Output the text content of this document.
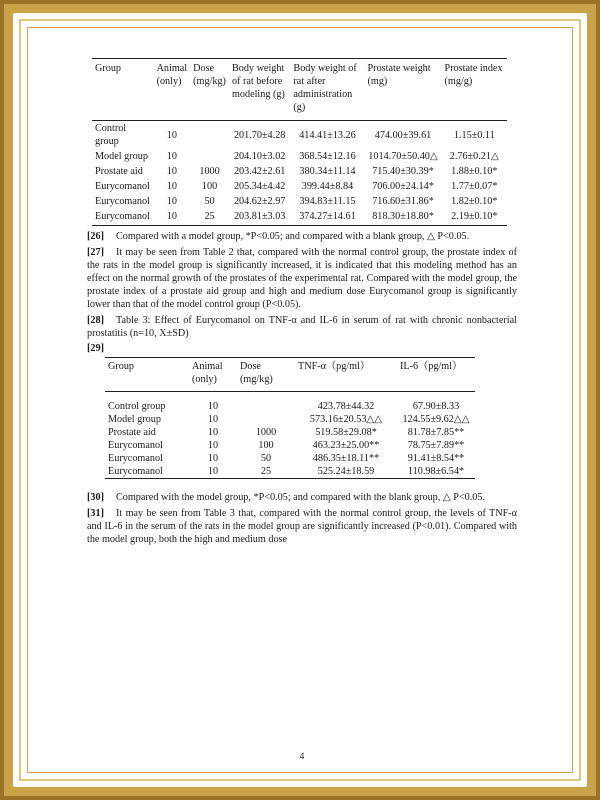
Group	Animal (only)	Dose (mg/kg)	Body weight of rat before modeling (g)	Body weight of rat after administration (g)	Prostate weight (mg)	Prostate index (mg/g)
Control group	10		201.70±4.28	414.41±13.26	474.00±39.61	1.15±0.11
Model group	10		204.10±3.02	368.54±12.16	1014.70±50.40△	2.76±0.21△
Prostate aid	10	1000	203.42±2.61	380.34±11.14	715.40±30.39*	1.88±0.10*
Eurycomanol	10	100	205.34±4.42	399.44±8.84	706.00±24.14*	1.77±0.07*
Eurycomanol	10	50	204.62±2.97	394.83±11.15	716.60±31.86*	1.82±0.10*
Eurycomanol	10	25	203.81±3.03	374.27±14.61	818.30±18.80*	2.19±0.10*

[26] Compared with a model group, *P<0.05; and compared with a blank group, △ P<0.05.

[27] It may be seen from Table 2 that, compared with the normal control group, the prostate index of the rats in the model group is significantly increased, it is indicated that this modeling method has an effect on the normal growth of the prostates of the experimental rat. Compared with the model group, the prostate index of a prostate aid group and high and medium dose Eurycomanol group is significantly lower than that of the model control group (P<0.05).

[28] Table 3: Effect of Eurycomanol on TNF-α and IL-6 in serum of rat with chronic nonbacterial prostatitis (n=10, X±SD)

[29]

Group	Animal (only)	Dose (mg/kg)	TNF-α（pg/ml）	IL-6（pg/ml）
Control group	10		423.78±44.32	67.90±8.33
Model group	10		573.16±20.53△△	124.55±9.62△△
Prostate aid	10	1000	519.58±29.08*	81.78±7.85**
Eurycomanol	10	100	463.23±25.00**	78.75±7.89**
Eurycomanol	10	50	486.35±18.11**	91.41±8.54**
Eurycomanol	10	25	525.24±18.59	110.98±6.54*

[30] Compared with the model group, *P<0.05; and compared with the blank group, △ P<0.05.

[31] It may be seen from Table 3 that, compared with the normal control group, the levels of TNF-α and IL-6 in the serum of the rats in the model group are significantly increased (P<0.01). Compared with the model group, both the high and medium dose

4
